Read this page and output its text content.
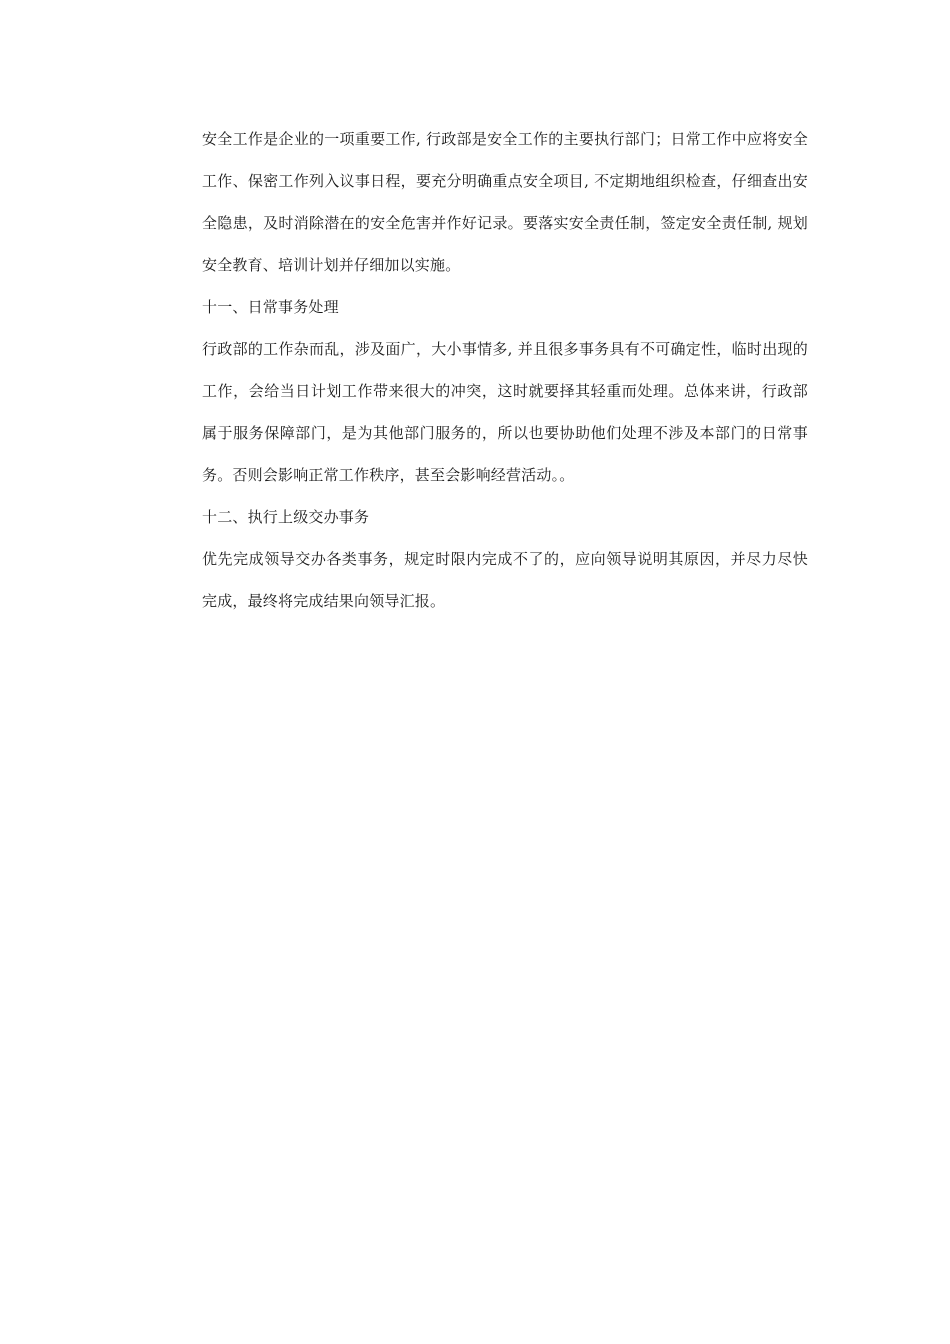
安全工作是企业的一项重要工作, 行政部是安全工作的主要执行部门；日常工作中应将安全工作、保密工作列入议事日程，要充分明确重点安全项目, 不定期地组织检查，仔细查出安全隐患，及时消除潜在的安全危害并作好记录。要落实安全责任制，签定安全责任制, 规划安全教育、培训计划并仔细加以实施。

十一、日常事务处理

行政部的工作杂而乱，涉及面广，大小事情多, 并且很多事务具有不可确定性，临时出现的工作，会给当日计划工作带来很大的冲突，这时就要择其轻重而处理。总体来讲，行政部属于服务保障部门，是为其他部门服务的，所以也要协助他们处理不涉及本部门的日常事务。否则会影响正常工作秩序，甚至会影响经营活动。。

十二、执行上级交办事务

优先完成领导交办各类事务，规定时限内完成不了的，应向领导说明其原因，并尽力尽快完成，最终将完成结果向领导汇报。
